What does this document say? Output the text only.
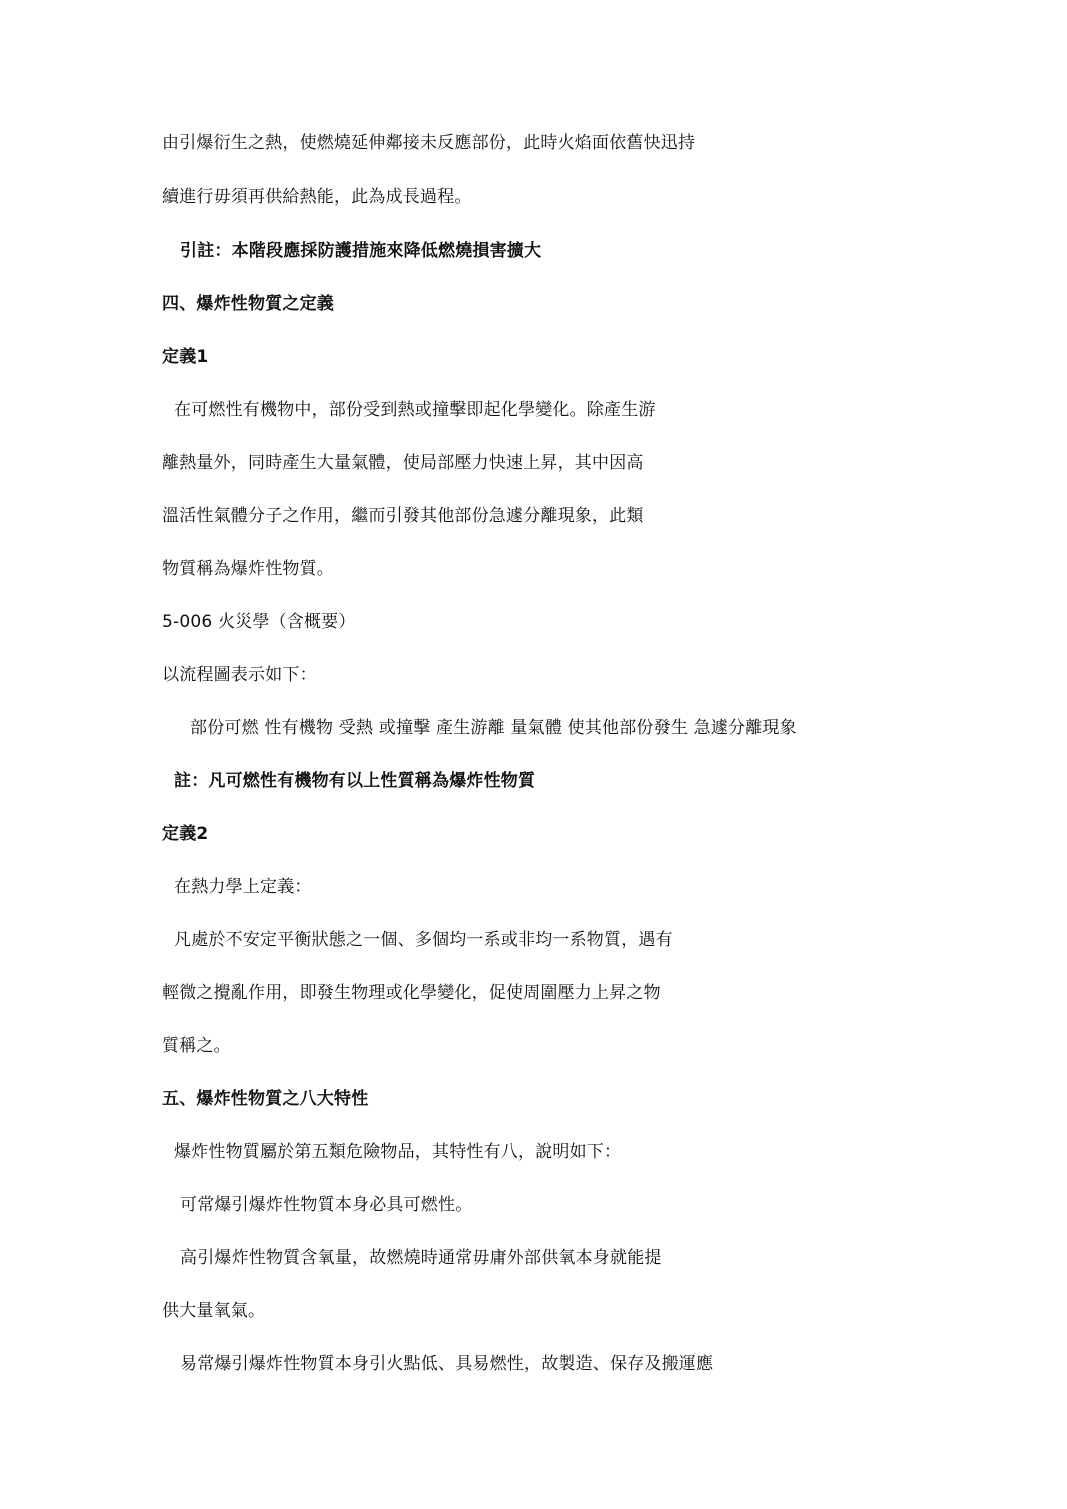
由引爆衍生之熱，使燃燒延伸鄰接未反應部份，此時火焰面依舊快迅持
續進行毋須再供給熱能，此為成長過程。
引註：本階段應採防護措施來降低燃燒損害擴大
四、爆炸性物質之定義
定義1
在可燃性有機物中，部份受到熱或撞擊即起化學變化。除產生游
離熱量外，同時產生大量氣體，使局部壓力快速上昇，其中因高
溫活性氣體分子之作用，繼而引發其他部份急遽分離現象，此類
物質稱為爆炸性物質。
5-006 火災學（含概要）
以流程圖表示如下：
部份可燃 性有機物 受熱 或撞擊 產生游離 量氣體 使其他部份發生 急遽分離現象
註：凡可燃性有機物有以上性質稱為爆炸性物質
定義2
在熱力學上定義：
凡處於不安定平衡狀態之一個、多個均一系或非均一系物質，遇有
輕微之攪亂作用，即發生物理或化學變化，促使周圍壓力上昇之物
質稱之。
五、爆炸性物質之八大特性
爆炸性物質屬於第五類危險物品，其特性有八，說明如下：
可常爆引爆炸性物質本身必具可燃性。
高引爆炸性物質含氧量，故燃燒時通常毋庸外部供氧本身就能提
供大量氧氣。
易常爆引爆炸性物質本身引火點低、具易燃性，故製造、保存及搬運應
